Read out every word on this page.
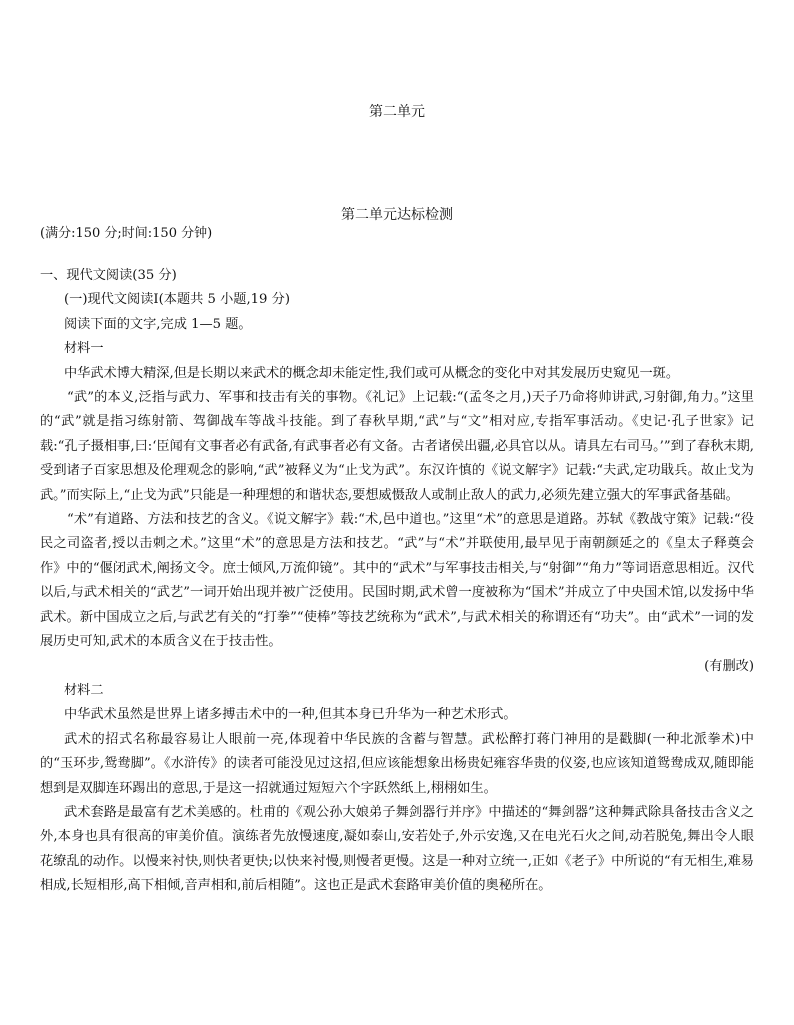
第二单元
第二单元达标检测
(满分:150 分;时间:150 分钟)

一、现代文阅读(35 分)

(一)现代文阅读Ⅰ(本题共 5 小题,19 分)

阅读下面的文字,完成 1—5 题。

材料一

中华武术博大精深,但是长期以来武术的概念却未能定性,我们或可从概念的变化中对其发展历史窥见一斑。

“武”的本义,泛指与武力、军事和技击有关的事物。《礼记》上记载:“(孟冬之月,)天子乃命将帅讲武,习射御,角力。”这里的“武”就是指习练射箭、驾御战车等战斗技能。到了春秋早期,“武”与“文”相对应,专指军事活动。《史记·孔子世家》记载:“孔子摄相事,曰:‘臣闻有文事者必有武备,有武事者必有文备。古者诸侯出疆,必具官以从。请具左右司马。’”到了春秋末期,受到诸子百家思想及伦理观念的影响,“武”被释义为“止戈为武”。东汉许慎的《说文解字》记载:“夫武,定功戢兵。故止戈为武。”而实际上,“止戈为武”只能是一种理想的和谐状态,要想威慑敌人或制止敌人的武力,必须先建立强大的军事武备基础。

“术”有道路、方法和技艺的含义。《说文解字》载:“术,邑中道也。”这里“术”的意思是道路。苏轼《教战守策》记载:“役民之司盗者,授以击刺之术。”这里“术”的意思是方法和技艺。“武”与“术”并联使用,最早见于南朝颜延之的《皇太子释奠会作》中的“偃闭武术,阐扬文令。庶士倾风,万流仰镜”。其中的“武术”与军事技击相关,与“射御”“角力”等词语意思相近。汉代以后,与武术相关的“武艺”一词开始出现并被广泛使用。民国时期,武术曾一度被称为“国术”并成立了中央国术馆,以发扬中华武术。新中国成立之后,与武艺有关的“打拳”“使棒”等技艺统称为“武术”,与武术相关的称谓还有“功夫”。由“武术”一词的发展历史可知,武术的本质含义在于技击性。

(有删改)

材料二

中华武术虽然是世界上诸多搏击术中的一种,但其本身已升华为一种艺术形式。

武术的招式名称最容易让人眼前一亮,体现着中华民族的含蓄与智慧。武松醉打蒋门神用的是戳脚(一种北派拳术)中的“玉环步,鸳鸯脚”。《水浒传》的读者可能没见过这招,但应该能想象出杨贵妃雍容华贵的仪姿,也应该知道鸳鸯成双,随即能想到是双脚连环踢出的意思,于是这一招就通过短短六个字跃然纸上,栩栩如生。

武术套路是最富有艺术美感的。杜甫的《观公孙大娘弟子舞剑器行并序》中描述的“舞剑器”这种舞武除具备技击含义之外,本身也具有很高的审美价值。演练者先放慢速度,凝如泰山,安若处子,外示安逸,又在电光石火之间,动若脱兔,舞出令人眼花缭乱的动作。以慢来衬快,则快者更快;以快来衬慢,则慢者更慢。这是一种对立统一,正如《老子》中所说的“有无相生,难易相成,长短相形,高下相倾,音声相和,前后相随”。这也正是武术套路审美价值的奥秘所在。
